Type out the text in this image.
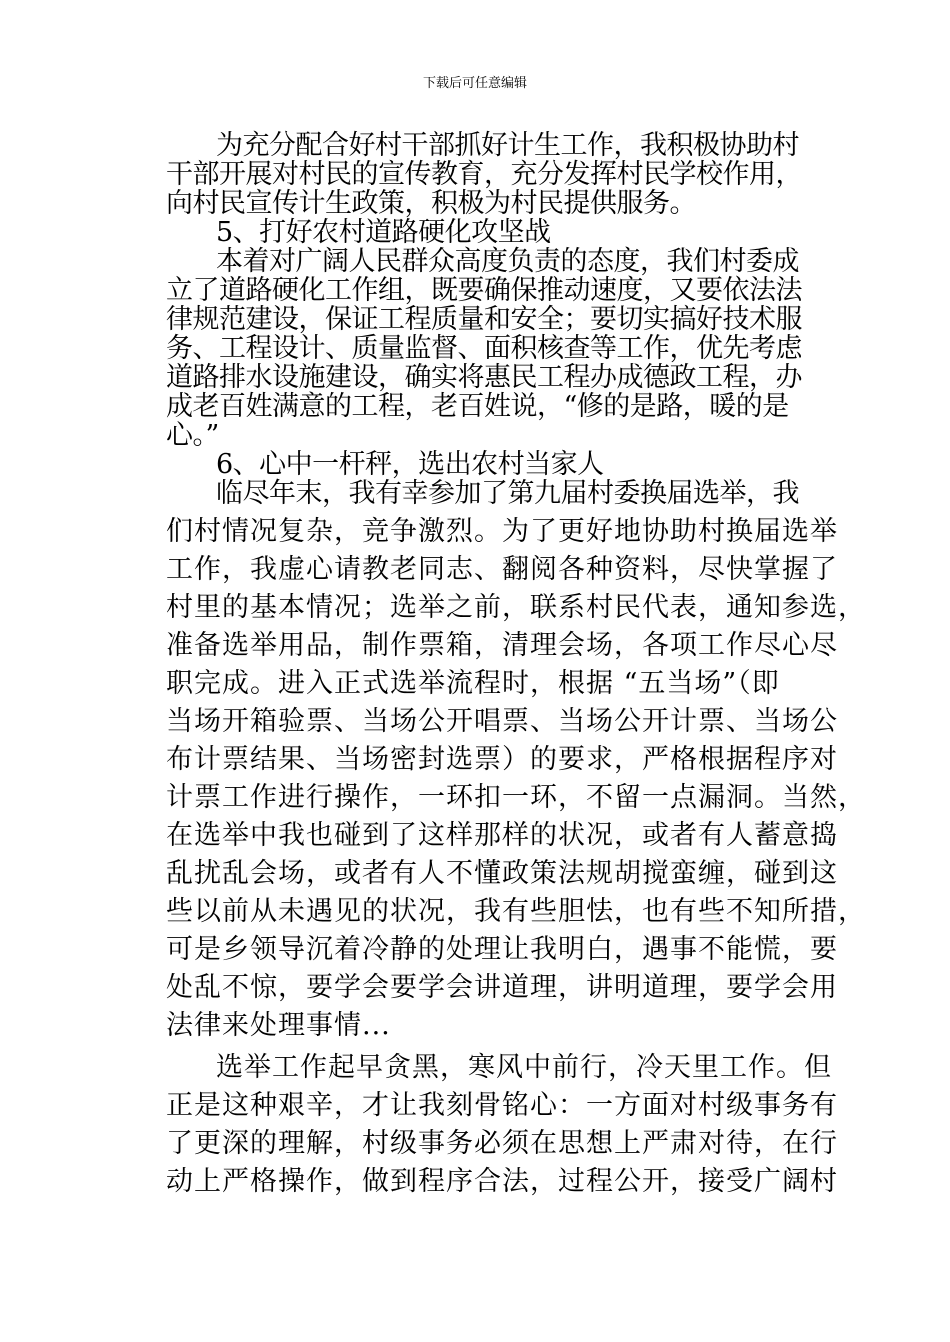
下载后可任意编辑
为充分配合好村干部抓好计生工作，我积极协助村
干部开展对村民的宣传教育，充分发挥村民学校作用，
向村民宣传计生政策，积极为村民提供服务。
5、打好农村道路硬化攻坚战
本着对广阔人民群众高度负责的态度，我们村委成
立了道路硬化工作组，既要确保推动速度，又要依法法
律规范建设，保证工程质量和安全；要切实搞好技术服
务、工程设计、质量监督、面积核查等工作，优先考虑
道路排水设施建设，确实将惠民工程办成德政工程，办
成老百姓满意的工程，老百姓说，“修的是路，暖的是
心。”
6、心中一杆秤，选出农村当家人
临尽年末，我有幸参加了第九届村委换届选举，我
们村情况复杂，竞争激烈。为了更好地协助村换届选举
工作，我虚心请教老同志、翻阅各种资料，尽快掌握了
村里的基本情况；选举之前，联系村民代表，通知参选，
准备选举用品，制作票箱，清理会场，各项工作尽心尽
职完成。进入正式选举流程时，根据 “五当场”（即
当场开箱验票、当场公开唱票、当场公开计票、当场公
布计票结果、当场密封选票）的要求，严格根据程序对
计票工作进行操作，一环扣一环，不留一点漏洞。当然，
在选举中我也碰到了这样那样的状况，或者有人蓄意捣
乱扰乱会场，或者有人不懂政策法规胡搅蛮缠，碰到这
些以前从未遇见的状况，我有些胆怯，也有些不知所措，
可是乡领导沉着冷静的处理让我明白，遇事不能慌，要
处乱不惊，要学会要学会讲道理，讲明道理，要学会用
法律来处理事情...
选举工作起早贪黑，寒风中前行，冷天里工作。但
正是这种艰辛，才让我刻骨铭心：一方面对村级事务有
了更深的理解，村级事务必须在思想上严肃对待，在行
动上严格操作，做到程序合法，过程公开，接受广阔村
